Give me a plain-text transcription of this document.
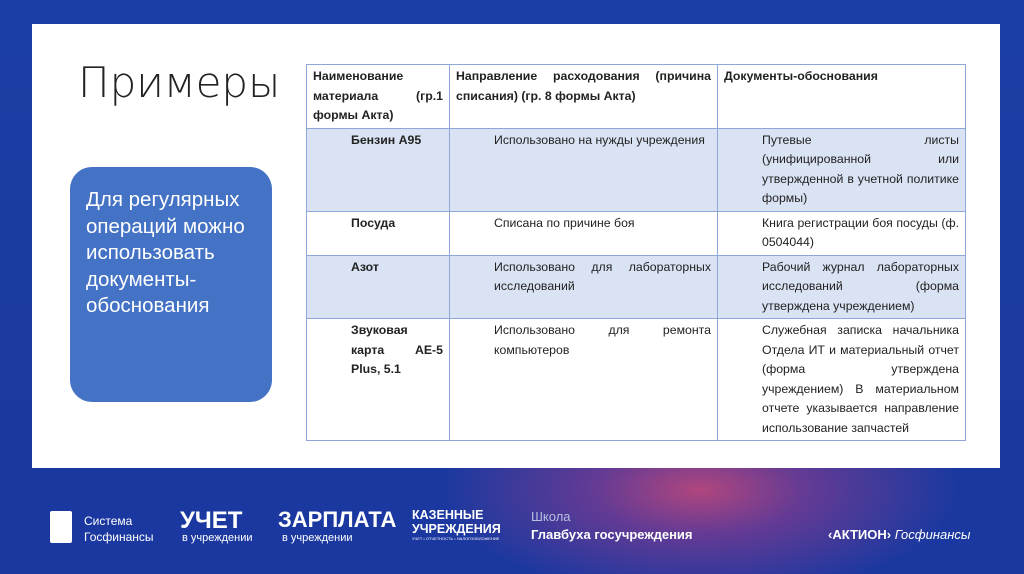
Примеры
Для регулярных операций можно использовать документы-обоснования
Наименование материала (гр.1 формы Акта)	Направление расходования (причина списания) (гр. 8 формы Акта)	Документы-обоснования
Бензин А95	Использовано на нужды учреждения	Путевые листы (унифицированной или утвержденной в учетной политике формы)
Посуда	Списана по причине боя	Книга регистрации боя посуды (ф. 0504044)
Азот	Использовано для лабораторных исследований	Рабочий журнал лабораторных исследований (форма утверждена учреждением)
Звуковая карта АЕ-5 Plus, 5.1	Использовано для ремонта компьютеров	Служебная записка начальника Отдела ИТ и материальный отчет (форма утверждена учреждением) В материальном отчете указывается направление использование запчастей
Система
Госфинансы
УЧЕТ
в учреждении
ЗАРПЛАТА
в учреждении
КАЗЕННЫЕ
УЧРЕЖДЕНИЯ
УЧЕТ • ОТЧЕТНОСТЬ • НАЛОГООБЛОЖЕНИЕ
Школа
Главбуха госучреждения	‹АКТИОН› Госфинансы
